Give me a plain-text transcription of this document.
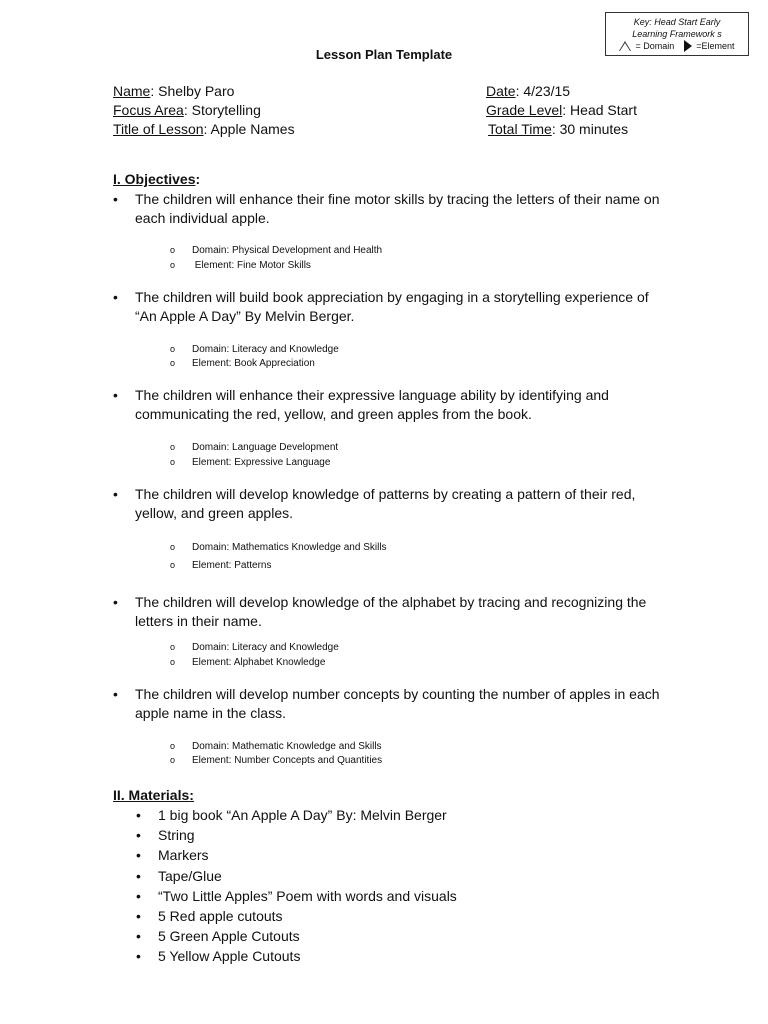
Key: Head Start Early
Learning Framework s
= Domain =Element
Lesson Plan Template
Name: Shelby Paro
Focus Area: Storytelling
Title of Lesson: Apple Names
Date: 4/23/15
Grade Level: Head Start
Total Time: 30 minutes
I. Objectives:
•	The children will enhance their fine motor skills by tracing the letters of their name on each individual apple.
o Domain: Physical Development and Health
o Element: Fine Motor Skills
•	The children will build book appreciation by engaging in a storytelling experience of “An Apple A Day” By Melvin Berger.
o Domain: Literacy and Knowledge
o Element: Book Appreciation
•	The children will enhance their expressive language ability by identifying and communicating the red, yellow, and green apples from the book.
o Domain: Language Development
o Element: Expressive Language
•	The children will develop knowledge of patterns by creating a pattern of their red, yellow, and green apples.
o Domain: Mathematics Knowledge and Skills
o Element: Patterns
•	The children will develop knowledge of the alphabet by tracing and recognizing the letters in their name.
o Domain: Literacy and Knowledge
o Element: Alphabet Knowledge
•	The children will develop number concepts by counting the number of apples in each apple name in the class.
o Domain: Mathematic Knowledge and Skills
o Element: Number Concepts and Quantities
II. Materials:
• 1 big book “An Apple A Day” By: Melvin Berger
• String
• Markers
• Tape/Glue
• “Two Little Apples” Poem with words and visuals
• 5 Red apple cutouts
• 5 Green Apple Cutouts
• 5 Yellow Apple Cutouts
